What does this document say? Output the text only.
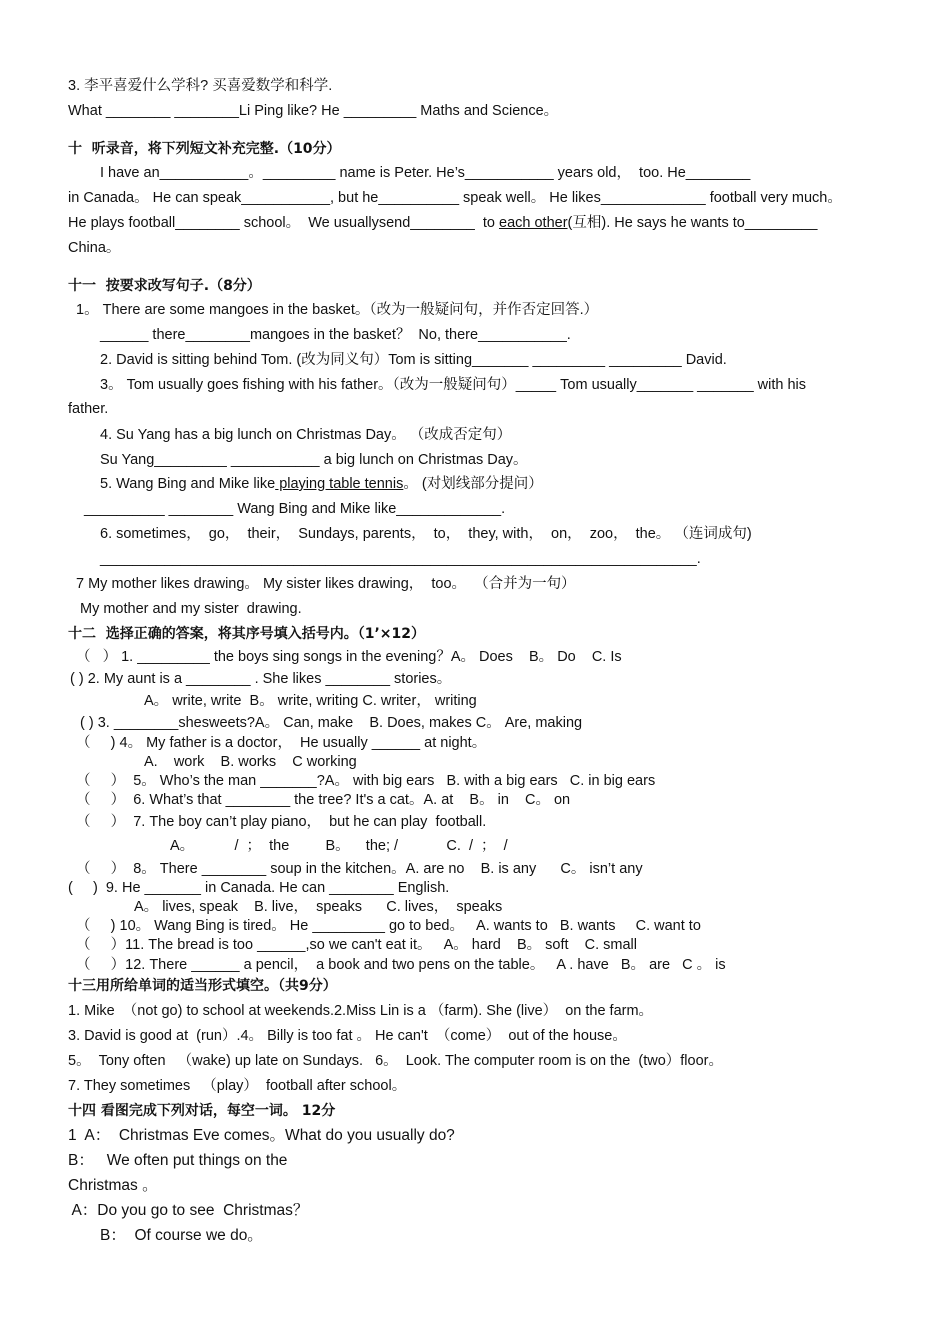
3. 李平喜爱什么学科? 买喜爱数学和科学.
What ________ ________Li Ping like? He _________ Maths and Science。
十  听录音，将下列短文补充完整.（10分）
I have an___________。_________ name is Peter. He’s___________ years old，  too. He________
in Canada。 He can speak___________, but he__________ speak well。 He likes_____________ football very much。
He plays football________ school。  We usuallysend________  to each other(互相). He says he wants to_________
China。
十一  按要求改写句子.（8分）
1。 There are some mangoes in the basket。（改为一般疑问句，并作否定回答.）
______ there________mangoes in the basket？  No, there___________.
2. David is sitting behind Tom. (改为同义句）Tom is sitting_______ _________ _________ David.
3。 Tom usually goes fishing with his father。（改为一般疑问句）_____ Tom usually_______ _______ with his
father.
4. Su Yang has a big lunch on Christmas Day。 （改成否定句）
Su Yang_________ ___________ a big lunch on Christmas Day。
5. Wang Bing and Mike like playing table tennis。 (对划线部分提问）
__________ ________ Wang Bing and Mike like_____________.
6. sometimes，  go，  their，  Sundays, parents，  to，  they, with，  on，  zoo，  the。 （连词成句)
__________________________________________________________________________.
7 My mother likes drawing。 My sister likes drawing，  too。  （合并为一句）
My mother and my sister  drawing.
十二  选择正确的答案，将其序号填入括号内。（1’×12）
（   ） 1. _________ the boys sing songs in the evening？A。 Does    B。 Do    C. Is
( ) 2. My aunt is a ________ . She likes ________ stories。
A。 write, write  B。 write, writing C. writer， writing
( ) 3. ________shesweets?A。 Can, make    B. Does, makes C。 Are, making
（     ) 4。 My father is a doctor，  He usually ______ at night。
A.    work    B. works    C working
（     ）  5。 Who’s the man _______?A。 with big ears   B. with a big ears   C. in big ears
（     ）  6. What’s that ________ the tree? It's a cat。A. at    B。 in    C。 on
（     ）  7. The boy can’t play piano，  but he can play  football.
A。          /  ；  the         B。    the; /            C.  /  ；  /
（     ）  8。 There ________ soup in the kitchen。A. are no    B. is any      C。 isn’t any
(     )  9. He _______ in Canada. He can ________ English.
A。 lives, speak    B. live，  speaks      C. lives，  speaks
（     ) 10。 Wang Bing is tired。 He _________ go to bed。   A. wants to   B. wants     C. want to
（     ）11. The bread is too ______,so we can't eat it。   A。 hard    B。 soft    C. small
（     ）12. There ______ a pencil，  a book and two pens on the table。   A . have   B。 are   C 。 is
十三用所给单词的适当形式填空。（共9分）
1. Mike  （not go) to school at weekends.2.Miss Lin is a （farm). She (live）  on the farm。
3. David is good at  (run）.4。 Billy is too fat 。 He can't  （come）  out of the house。
5。  Tony often   （wake) up late on Sundays.   6。  Look. The computer room is on the  (two）floor。
7. They sometimes   （play）  football after school。
十四 看图完成下列对话，每空一词。 12分
1  A：  Christmas Eve comes。What do you usually do?
B：   We often put things on the
Christmas 。
A：Do you go to see  Christmas？
B：  Of course we do。
